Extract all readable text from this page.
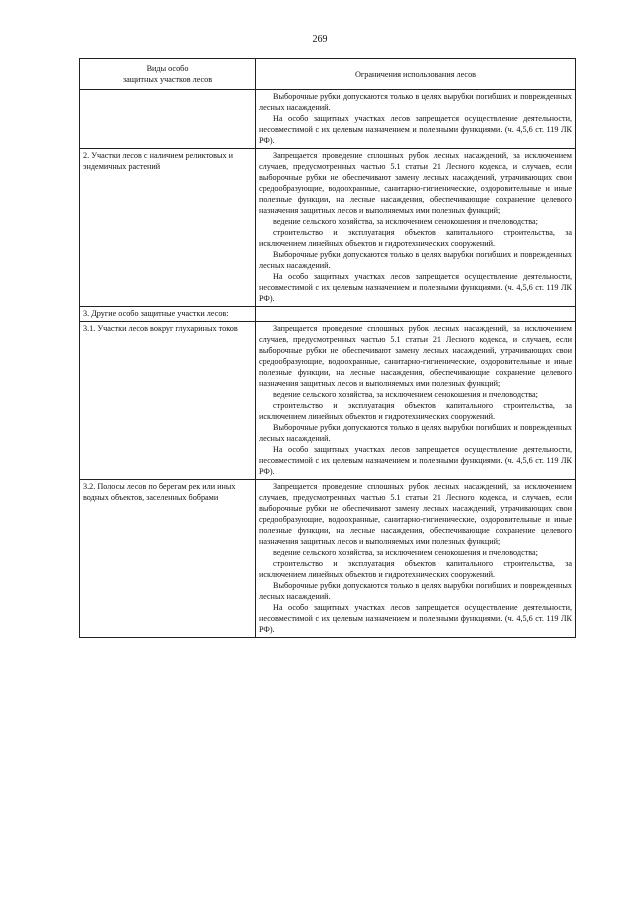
269
Виды особо
защитных участков лесов	Ограничения использования лесов

	Выборочные рубки допускаются только в целях вырубки погибших и поврежденных лесных насаждений.

На особо защитных участках лесов запрещается осуществление деятельности, несовместимой с их целевым назначением и полезными функциями. (ч. 4,5,6 ст. 119 ЛК РФ).

2. Участки лесов с наличием реликтовых и эндемичных растений	Запрещается проведение сплошных рубок лесных насаждений, за исключением случаев, предусмотренных частью 5.1 статьи 21 Лесного кодекса, и случаев, если выборочные рубки не обеспечивают замену лесных насаждений, утрачивающих свои средообразующие, водоохранные, санитарно-гигиенические, оздоровительные и иные полезные функции, на лесные насаждения, обеспечивающие сохранение целевого назначения защитных лесов и выполняемых ими полезных функций;

ведение сельского хозяйства, за исключением сенокошения и пчеловодства;

строительство и эксплуатация объектов капитального строительства, за исключением линейных объектов и гидротехнических сооружений.

Выборочные рубки допускаются только в целях вырубки погибших и поврежденных лесных насаждений.

На особо защитных участках лесов запрещается осуществление деятельности, несовместимой с их целевым назначением и полезными функциями. (ч. 4,5,6 ст. 119 ЛК РФ).

3. Другие особо защитные участки лесов:	
3.1. Участки лесов вокруг глухариных токов	Запрещается проведение сплошных рубок лесных насаждений, за исключением случаев, предусмотренных частью 5.1 статьи 21 Лесного кодекса, и случаев, если выборочные рубки не обеспечивают замену лесных насаждений, утрачивающих свои средообразующие, водоохранные, санитарно-гигиенические, оздоровительные и иные полезные функции, на лесные насаждения, обеспечивающие сохранение целевого назначения защитных лесов и выполняемых ими полезных функций;

ведение сельского хозяйства, за исключением сенокошения и пчеловодства;

строительство и эксплуатация объектов капитального строительства, за исключением линейных объектов и гидротехнических сооружений.

Выборочные рубки допускаются только в целях вырубки погибших и поврежденных лесных насаждений.

На особо защитных участках лесов запрещается осуществление деятельности, несовместимой с их целевым назначением и полезными функциями. (ч. 4,5,6 ст. 119 ЛК РФ).

3.2. Полосы лесов по берегам рек или иных водных объектов, заселенных бобрами	Запрещается проведение сплошных рубок лесных насаждений, за исключением случаев, предусмотренных частью 5.1 статьи 21 Лесного кодекса, и случаев, если выборочные рубки не обеспечивают замену лесных насаждений, утрачивающих свои средообразующие, водоохранные, санитарно-гигиенические, оздоровительные и иные полезные функции, на лесные насаждения, обеспечивающие сохранение целевого назначения защитных лесов и выполняемых ими полезных функций;

ведение сельского хозяйства, за исключением сенокошения и пчеловодства;

строительство и эксплуатация объектов капитального строительства, за исключением линейных объектов и гидротехнических сооружений.

Выборочные рубки допускаются только в целях вырубки погибших и поврежденных лесных насаждений.

На особо защитных участках лесов запрещается осуществление деятельности, несовместимой с их целевым назначением и полезными функциями. (ч. 4,5,6 ст. 119 ЛК РФ).
